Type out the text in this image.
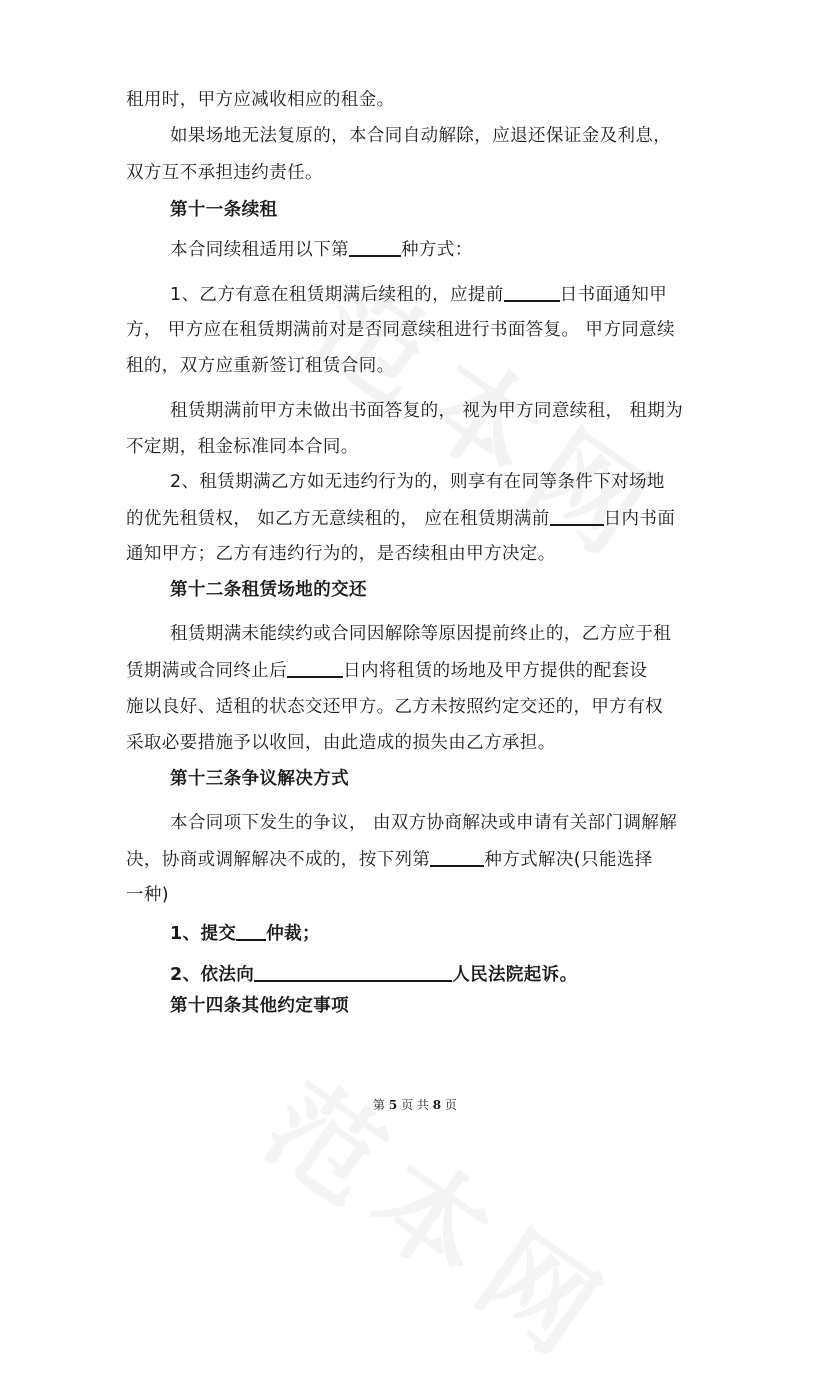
租用时，甲方应减收相应的租金。
如果场地无法复原的，本合同自动解除，应退还保证金及利息，
双方互不承担违约责任。
第十一条续租
本合同续租适用以下第	种方式：
1、乙方有意在租赁期满后续租的，应提前	日书面通知甲
方， 甲方应在租赁期满前对是否同意续租进行书面答复。 甲方同意续
租的，双方应重新签订租赁合同。
租赁期满前甲方未做出书面答复的， 视为甲方同意续租， 租期为
不定期，租金标准同本合同。
2、租赁期满乙方如无违约行为的，则享有在同等条件下对场地
的优先租赁权， 如乙方无意续租的， 应在租赁期满前	日内书面
通知甲方；乙方有违约行为的，是否续租由甲方决定。
第十二条租赁场地的交还
租赁期满未能续约或合同因解除等原因提前终止的，乙方应于租
赁期满或合同终止后	日内将租赁的场地及甲方提供的配套设
施以良好、适租的状态交还甲方。乙方未按照约定交还的，甲方有权
采取必要措施予以收回，由此造成的损失由乙方承担。
第十三条争议解决方式
本合同项下发生的争议， 由双方协商解决或申请有关部门调解解
决，协商或调解解决不成的，按下列第	种方式解决(只能选择
一种)
1、提交 仲裁；
2、依法向	人民法院起诉。
第十四条其他约定事项
第 5 页 共 8 页
